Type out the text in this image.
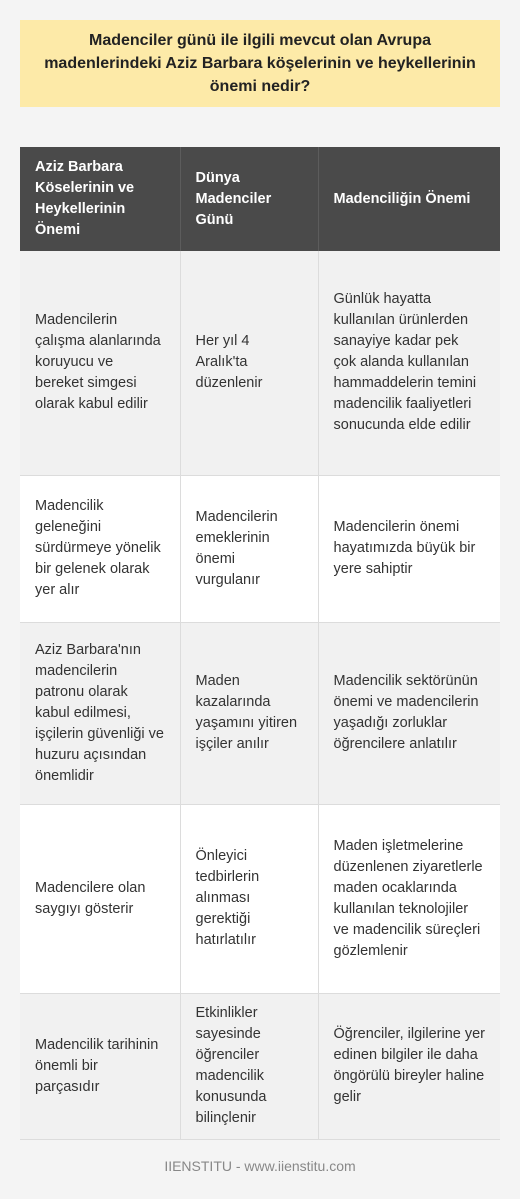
Madenciler günü ile ilgili mevcut olan Avrupa madenlerindeki Aziz Barbara köşelerinin ve heykellerinin önemi nedir?
Aziz Barbara Köselerinin ve Heykellerinin Önemi	Dünya Madenciler Günü	Madenciliğin Önemi
Madencilerin çalışma alanlarında koruyucu ve bereket simgesi olarak kabul edilir	Her yıl 4 Aralık'ta düzenlenir	Günlük hayatta kullanılan ürünlerden sanayiye kadar pek çok alanda kullanılan hammaddelerin temini madencilik faaliyetleri sonucunda elde edilir
Madencilik geleneğini sürdürmeye yönelik bir gelenek olarak yer alır	Madencilerin emeklerinin önemi vurgulanır	Madencilerin önemi hayatımızda büyük bir yere sahiptir
Aziz Barbara'nın madencilerin patronu olarak kabul edilmesi, işçilerin güvenliği ve huzuru açısından önemlidir	Maden kazalarında yaşamını yitiren işçiler anılır	Madencilik sektörünün önemi ve madencilerin yaşadığı zorluklar öğrencilere anlatılır
Madencilere olan saygıyı gösterir	Önleyici tedbirlerin alınması gerektiği hatırlatılır	Maden işletmelerine düzenlenen ziyaretlerle maden ocaklarında kullanılan teknolojiler ve madencilik süreçleri gözlemlenir
Madencilik tarihinin önemli bir parçasıdır	Etkinlikler sayesinde öğrenciler madencilik konusunda bilinçlenir	Öğrenciler, ilgilerine yer edinen bilgiler ile daha öngörülü bireyler haline gelir
IIENSTITU - www.iienstitu.com
